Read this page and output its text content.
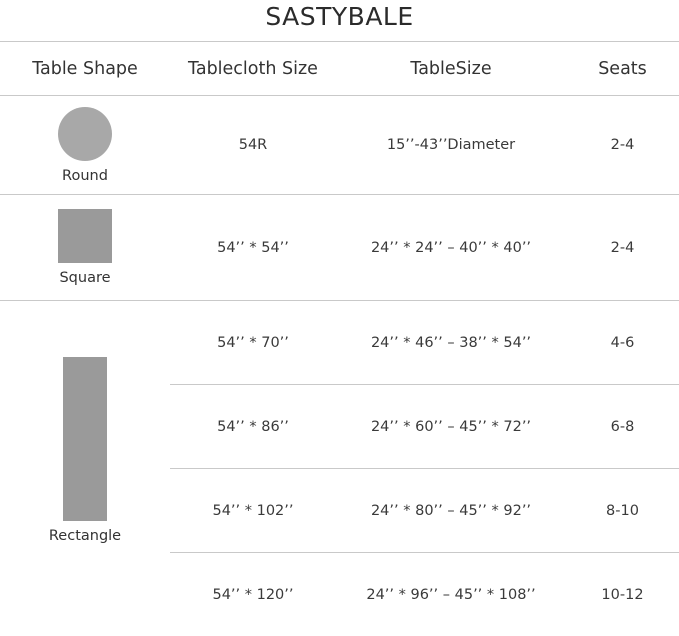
SASTYBALE
Table Shape	Tablecloth Size	TableSize	Seats
Round
54R	15’’-43’’Diameter	2-4
Square
54’’ * 54’’	24’’ * 24’’ – 40’’ * 40’’	2-4
Rectangle
54’’ * 70’’	24’’ * 46’’ – 38’’ * 54’’	4-6
54’’ * 86’’	24’’ * 60’’ – 45’’ * 72’’	6-8
54’’ * 102’’	24’’ * 80’’ – 45’’ * 92’’	8-10
54’’ * 120’’	24’’ * 96’’ – 45’’ * 108’’	10-12
